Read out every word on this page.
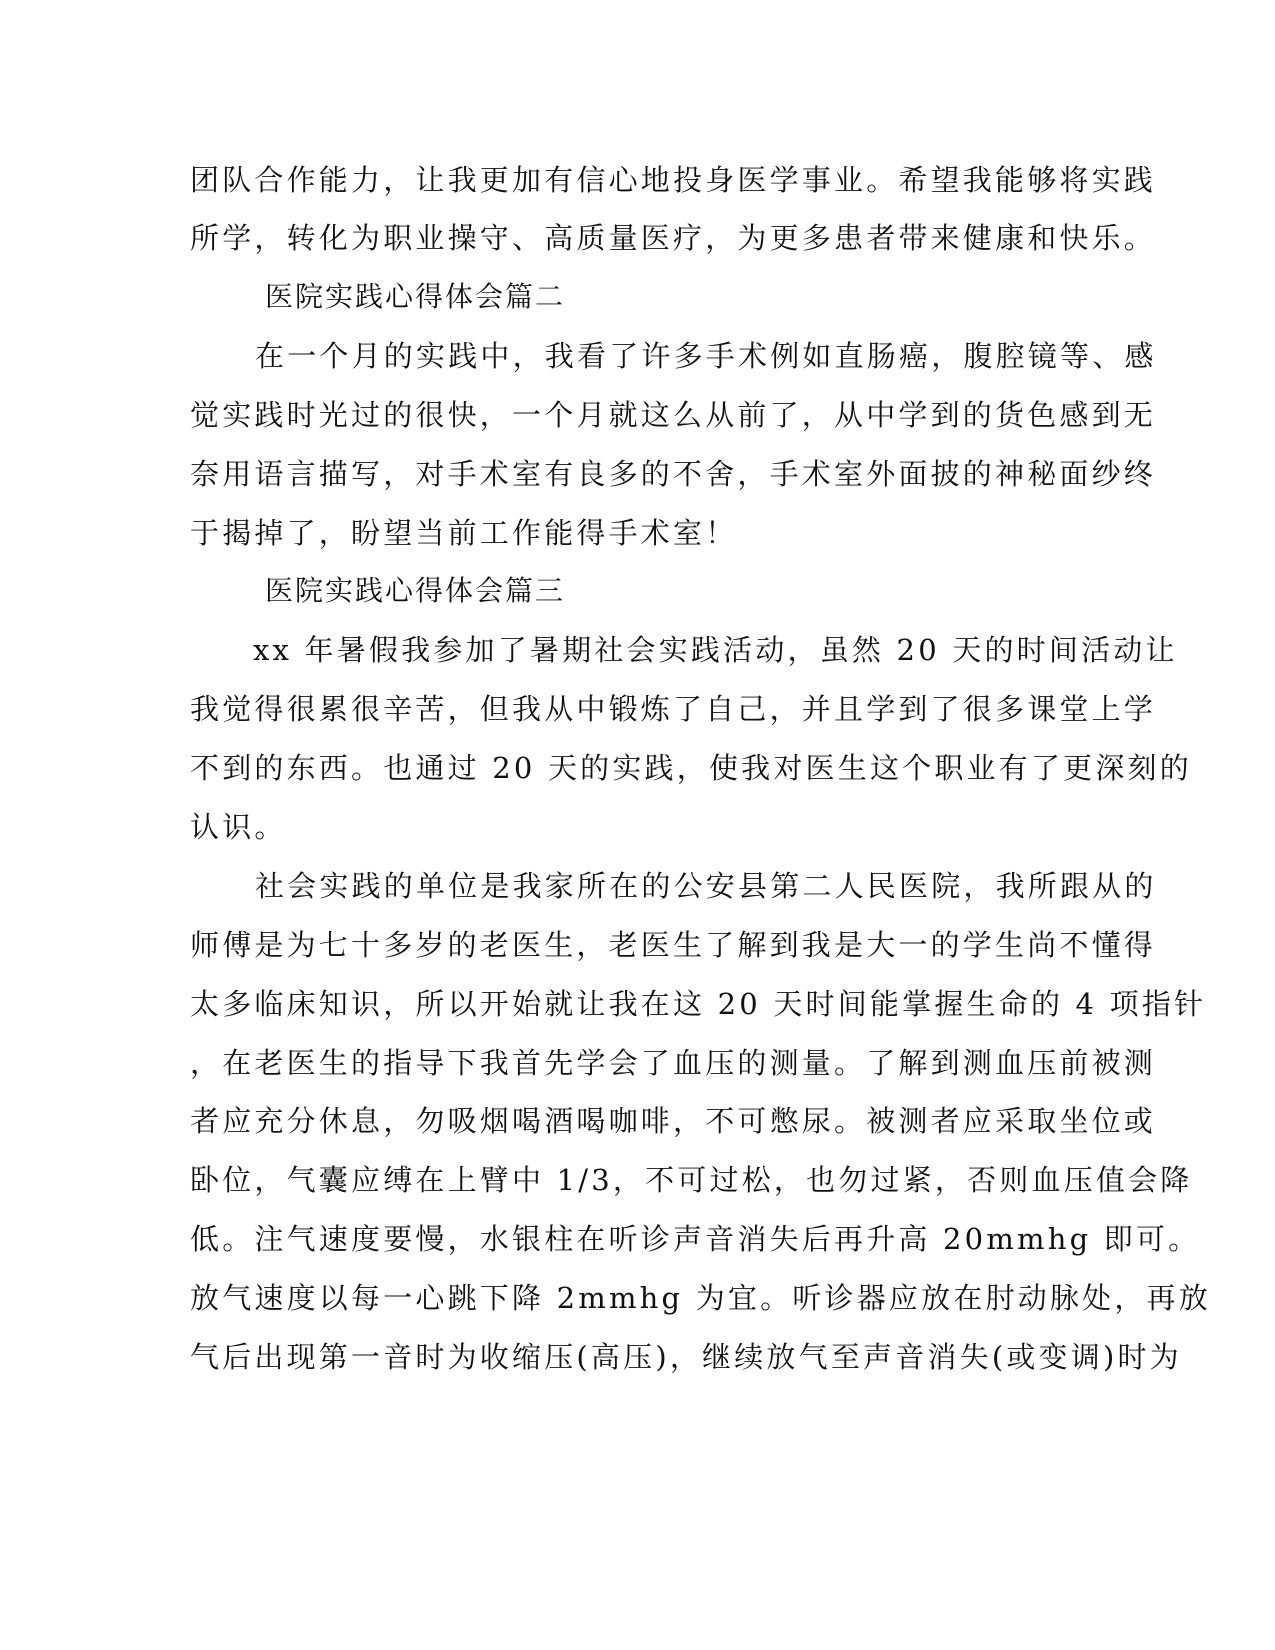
团队合作能力，让我更加有信心地投身医学事业。希望我能够将实践
所学，转化为职业操守、高质量医疗，为更多患者带来健康和快乐。
医院实践心得体会篇二
在一个月的实践中，我看了许多手术例如直肠癌，腹腔镜等、感
觉实践时光过的很快，一个月就这么从前了，从中学到的货色感到无
奈用语言描写，对手术室有良多的不舍，手术室外面披的神秘面纱终
于揭掉了，盼望当前工作能得手术室！
医院实践心得体会篇三
xx 年暑假我参加了暑期社会实践活动，虽然 20 天的时间活动让
我觉得很累很辛苦，但我从中锻炼了自己，并且学到了很多课堂上学
不到的东西。也通过 20 天的实践，使我对医生这个职业有了更深刻的
认识。
社会实践的单位是我家所在的公安县第二人民医院，我所跟从的
师傅是为七十多岁的老医生，老医生了解到我是大一的学生尚不懂得
太多临床知识，所以开始就让我在这 20 天时间能掌握生命的 4 项指针
，在老医生的指导下我首先学会了血压的测量。了解到测血压前被测
者应充分休息，勿吸烟喝酒喝咖啡，不可憋尿。被测者应采取坐位或
卧位，气囊应缚在上臂中 1/3，不可过松，也勿过紧，否则血压值会降
低。注气速度要慢，水银柱在听诊声音消失后再升高 20mmhg 即可。
放气速度以每一心跳下降 2mmhg 为宜。听诊器应放在肘动脉处，再放
气后出现第一音时为收缩压(高压)，继续放气至声音消失(或变调)时为
